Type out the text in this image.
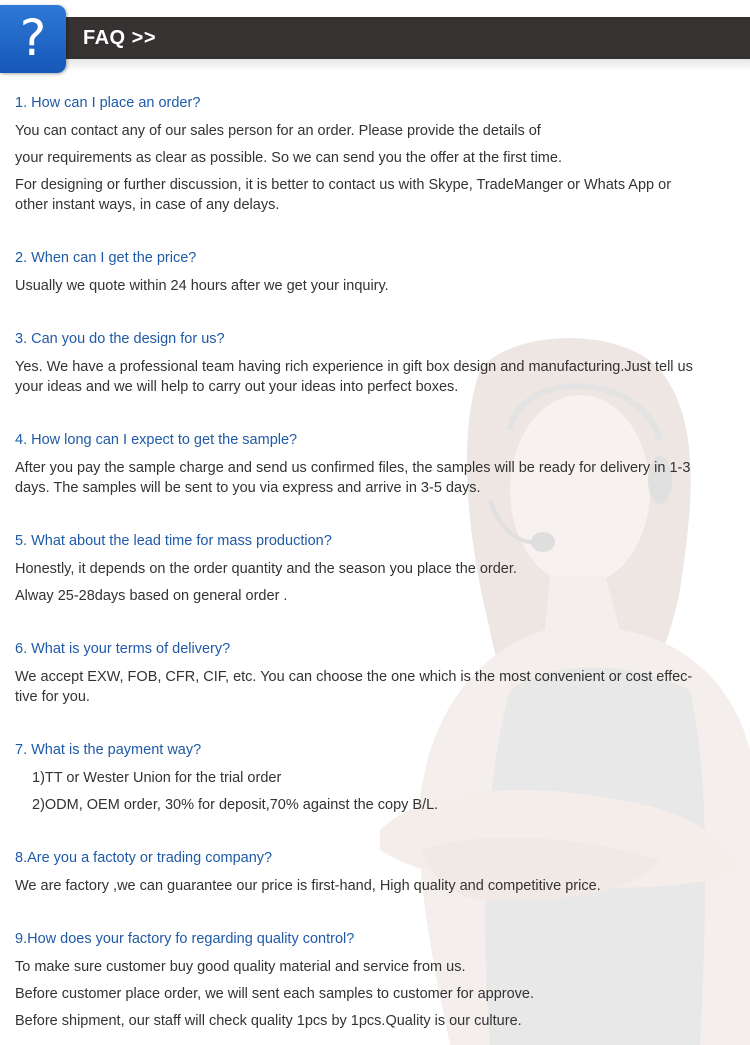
?	FAQ >>
1. How can I place an order?
You can contact any of our sales person for an order. Please provide the details of
your requirements as clear as possible. So we can send you the offer at the first time.
For designing or further discussion, it is better to contact us with Skype, TradeManger or Whats App or
other instant ways, in case of any delays.
2. When can I get the price?
Usually we quote within 24 hours after we get your inquiry.
3. Can you do the design for us?
Yes. We have a professional team having rich experience in gift box design and manufacturing.Just tell us
your ideas and we will help to carry out your ideas into perfect boxes.
4. How long can I expect to get the sample?
After you pay the sample charge and send us confirmed files, the samples will be ready for delivery in 1-3
days. The samples will be sent to you via express and arrive in 3-5 days.
5. What about the lead time for mass production?
Honestly, it depends on the order quantity and the season you place the order.
Alway 25-28days based on general order .
6. What is your terms of delivery?
We accept EXW, FOB, CFR, CIF, etc. You can choose the one which is the most convenient or cost effec-
tive for you.
7. What is the payment way?
1)TT or Wester Union for the trial order
2)ODM, OEM order, 30% for deposit,70% against the copy B/L.
8.Are you a factoty or trading company?
We are factory ,we can guarantee our price is first-hand, High quality and competitive price.
9.How does your factory fo regarding quality control?
To make sure customer buy good quality material and service from us.
Before customer place order, we will sent each samples to customer for approve.
Before shipment, our staff will check quality 1pcs by 1pcs.Quality is our culture.
